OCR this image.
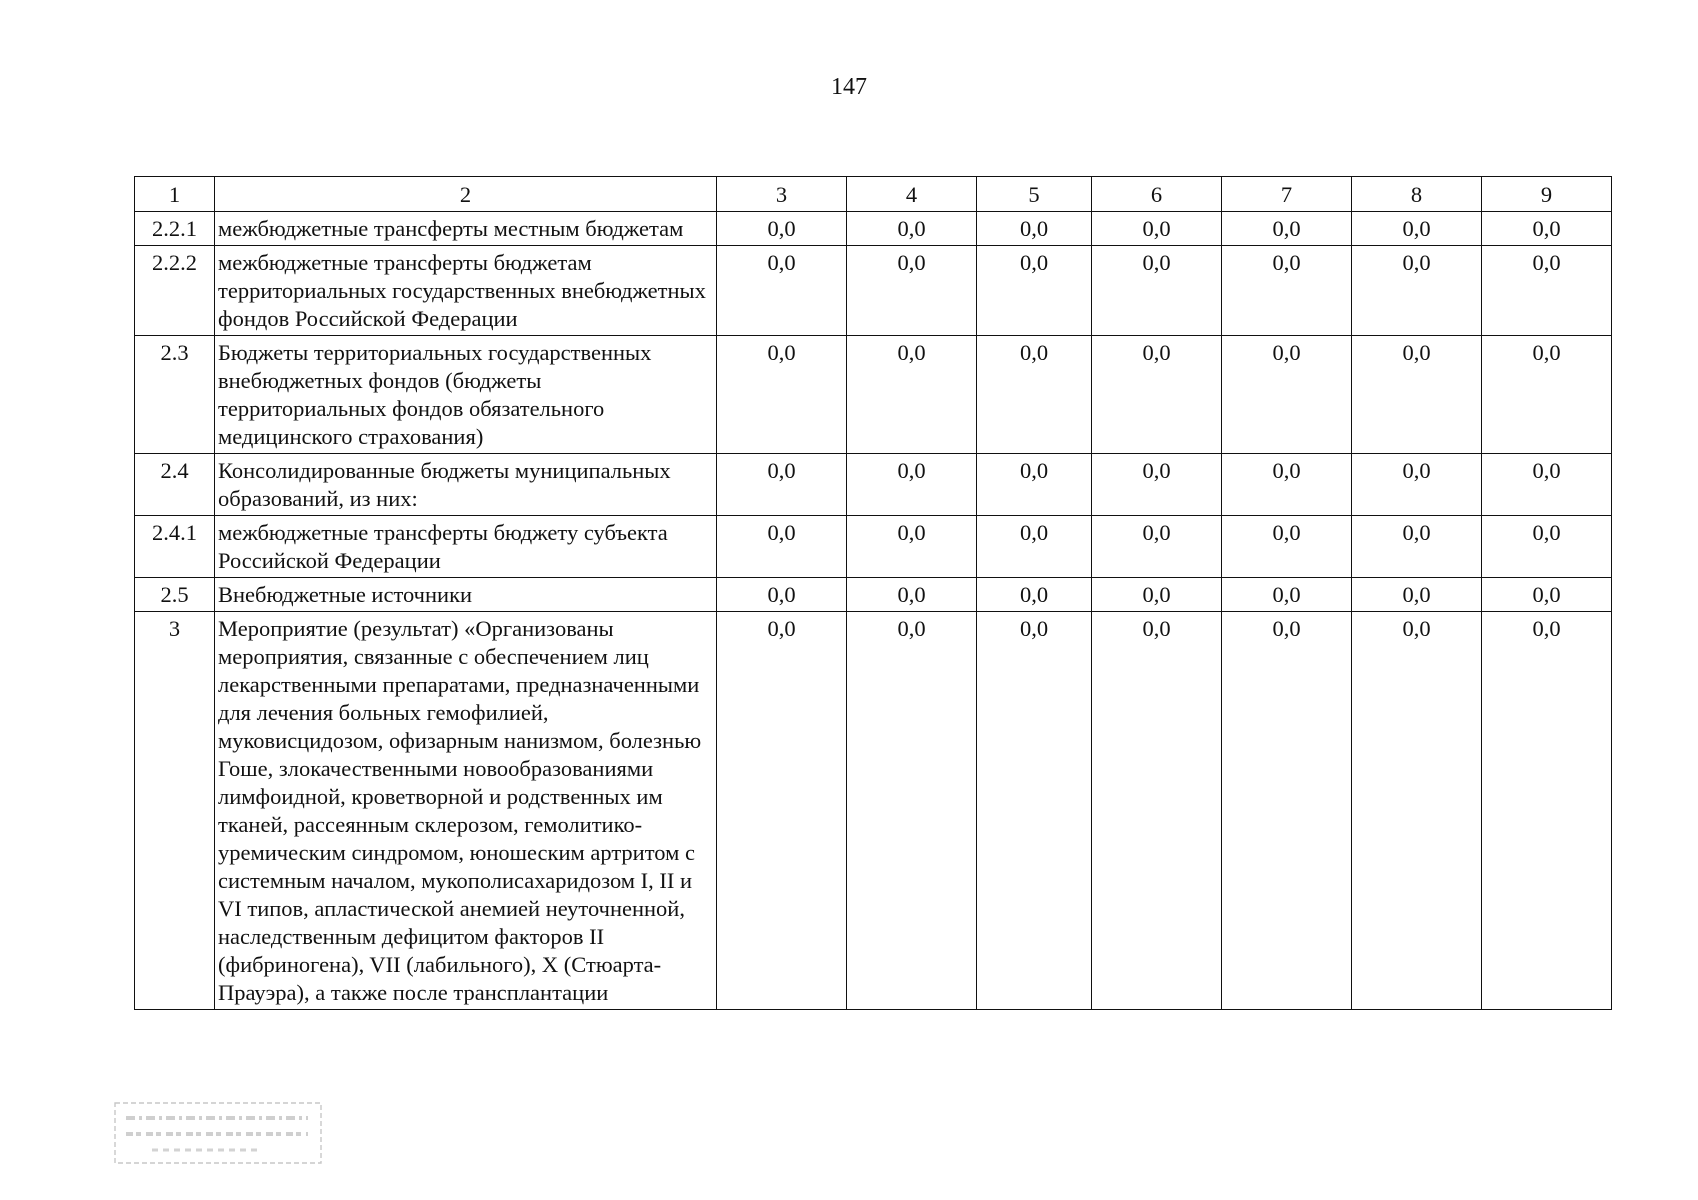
147
1	2	3	4	5	6	7	8	9
2.2.1	межбюджетные трансферты местным бюджетам	0,0	0,0	0,0	0,0	0,0	0,0	0,0
2.2.2	межбюджетные трансферты бюджетам территориальных государственных внебюджетных фондов Российской Федерации	0,0	0,0	0,0	0,0	0,0	0,0	0,0
2.3	Бюджеты территориальных государственных внебюджетных фондов (бюджеты территориальных фондов обязательного медицинского страхования)	0,0	0,0	0,0	0,0	0,0	0,0	0,0
2.4	Консолидированные бюджеты муниципальных образований, из них:	0,0	0,0	0,0	0,0	0,0	0,0	0,0
2.4.1	межбюджетные трансферты бюджету субъекта Российской Федерации	0,0	0,0	0,0	0,0	0,0	0,0	0,0
2.5	Внебюджетные источники	0,0	0,0	0,0	0,0	0,0	0,0	0,0
3	Мероприятие (результат) «Организованы мероприятия, связанные с обеспечением лиц лекарственными препаратами, предназначенными для лечения больных гемофилией, муковисцидозом, офизарным нанизмом, болезнью Гоше, злокачественными новообразованиями лимфоидной, кроветворной и родственных им тканей, рассеянным склерозом, гемолитико-уремическим синдромом, юношеским артритом с системным началом, мукополисахаридозом I, II и VI типов, апластической анемией неуточненной, наследственным дефицитом факторов II (фибриногена), VII (лабильного), X (Стюарта-Прауэра), а также после трансплантации	0,0	0,0	0,0	0,0	0,0	0,0	0,0
